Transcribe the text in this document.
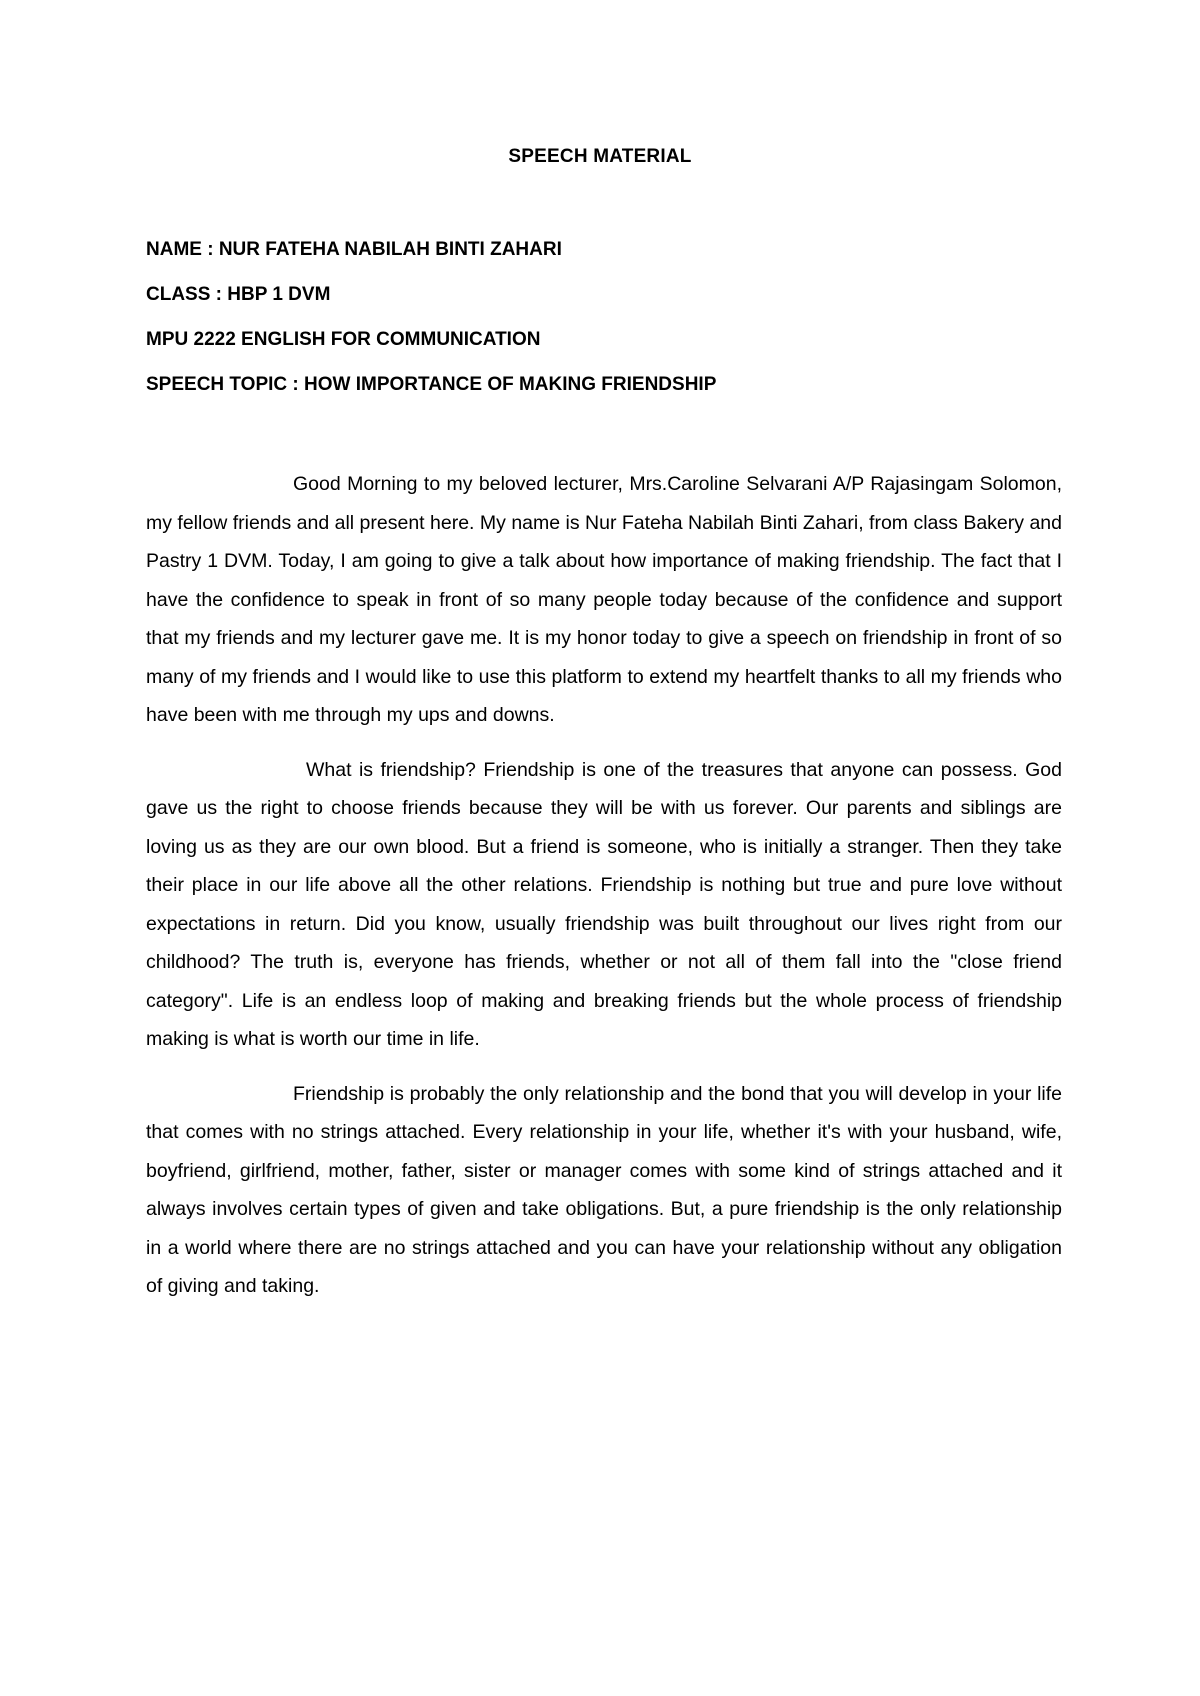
SPEECH MATERIAL
NAME : NUR FATEHA NABILAH BINTI ZAHARI
CLASS : HBP 1 DVM
MPU 2222 ENGLISH FOR COMMUNICATION
SPEECH TOPIC : HOW IMPORTANCE OF MAKING FRIENDSHIP

Good Morning to my beloved lecturer, Mrs.Caroline Selvarani A/P Rajasingam Solomon, my fellow friends and all present here. My name is Nur Fateha Nabilah Binti Zahari, from class Bakery and Pastry 1 DVM. Today, I am going to give a talk about how importance of making friendship. The fact that I have the confidence to speak in front of so many people today because of the confidence and support that my friends and my lecturer gave me. It is my honor today to give a speech on friendship in front of so many of my friends and I would like to use this platform to extend my heartfelt thanks to all my friends who have been with me through my ups and downs.

What is friendship? Friendship is one of the treasures that anyone can possess. God gave us the right to choose friends because they will be with us forever. Our parents and siblings are loving us as they are our own blood. But a friend is someone, who is initially a stranger. Then they take their place in our life above all the other relations. Friendship is nothing but true and pure love without expectations in return. Did you know, usually friendship was built throughout our lives right from our childhood? The truth is, everyone has friends, whether or not all of them fall into the "close friend category". Life is an endless loop of making and breaking friends but the whole process of friendship making is what is worth our time in life.

Friendship is probably the only relationship and the bond that you will develop in your life that comes with no strings attached. Every relationship in your life, whether it's with your husband, wife, boyfriend, girlfriend, mother, father, sister or manager comes with some kind of strings attached and it always involves certain types of given and take obligations. But, a pure friendship is the only relationship in a world where there are no strings attached and you can have your relationship without any obligation of giving and taking.
